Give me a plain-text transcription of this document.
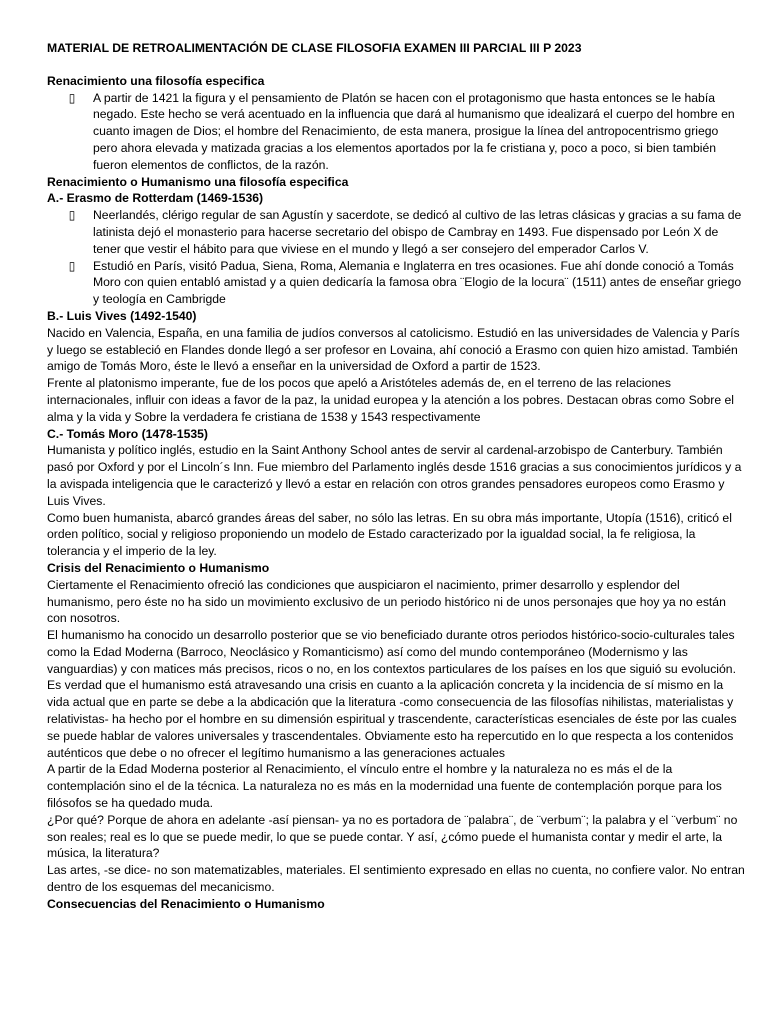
MATERIAL DE RETROALIMENTACIÓN DE CLASE FILOSOFIA EXAMEN III PARCIAL III P 2023

Renacimiento una filosofía especifica

▯ A partir de 1421 la figura y el pensamiento de Platón se hacen con el protagonismo que hasta entonces se le había negado. Este hecho se verá acentuado en la influencia que dará al humanismo que idealizará el cuerpo del hombre en cuanto imagen de Dios; el hombre del Renacimiento, de esta manera, prosigue la línea del antropocentrismo griego pero ahora elevada y matizada gracias a los elementos aportados por la fe cristiana y, poco a poco, si bien también fueron elementos de conflictos, de la razón.

Renacimiento o Humanismo una filosofía especifica

A.- Erasmo de Rotterdam (1469-1536)

▯ Neerlandés, clérigo regular de san Agustín y sacerdote, se dedicó al cultivo de las letras clásicas y gracias a su fama de latinista dejó el monasterio para hacerse secretario del obispo de Cambray en 1493. Fue dispensado por León X de tener que vestir el hábito para que viviese en el mundo y llegó a ser consejero del emperador Carlos V.
▯ Estudió en París, visitó Padua, Siena, Roma, Alemania e Inglaterra en tres ocasiones. Fue ahí donde conoció a Tomás Moro con quien entabló amistad y a quien dedicaría la famosa obra ¨Elogio de la locura¨ (1511) antes de enseñar griego y teología en Cambrigde

B.- Luis Vives (1492-1540)

Nacido en Valencia, España, en una familia de judíos conversos al catolicismo. Estudió en las universidades de Valencia y París y luego se estableció en Flandes donde llegó a ser profesor en Lovaina, ahí conoció a Erasmo con quien hizo amistad. También amigo de Tomás Moro, éste le llevó a enseñar en la universidad de Oxford a partir de 1523.

Frente al platonismo imperante, fue de los pocos que apeló a Aristóteles además de, en el terreno de las relaciones internacionales, influir con ideas a favor de la paz, la unidad europea y la atención a los pobres. Destacan obras como Sobre el alma y la vida y Sobre la verdadera fe cristiana de 1538 y 1543 respectivamente

C.- Tomás Moro (1478-1535)

Humanista y político inglés, estudio en la Saint Anthony School antes de servir al cardenal-arzobispo de Canterbury. También pasó por Oxford y por el Lincoln´s Inn. Fue miembro del Parlamento inglés desde 1516 gracias a sus conocimientos jurídicos y a la avispada inteligencia que le caracterizó y llevó a estar en relación con otros grandes pensadores europeos como Erasmo y Luis Vives.

Como buen humanista, abarcó grandes áreas del saber, no sólo las letras. En su obra más importante, Utopía (1516), criticó el orden político, social y religioso proponiendo un modelo de Estado caracterizado por la igualdad social, la fe religiosa, la tolerancia y el imperio de la ley.

Crisis del Renacimiento o Humanismo

Ciertamente el Renacimiento ofreció las condiciones que auspiciaron el nacimiento, primer desarrollo y esplendor del humanismo, pero éste no ha sido un movimiento exclusivo de un periodo histórico ni de unos personajes que hoy ya no están con nosotros.

El humanismo ha conocido un desarrollo posterior que se vio beneficiado durante otros periodos histórico-socio-culturales tales como la Edad Moderna (Barroco, Neoclásico y Romanticismo) así como del mundo contemporáneo (Modernismo y las vanguardias) y con matices más precisos, ricos o no, en los contextos particulares de los países en los que siguió su evolución.

Es verdad que el humanismo está atravesando una crisis en cuanto a la aplicación concreta y la incidencia de sí mismo en la vida actual que en parte se debe a la abdicación que la literatura -como consecuencia de las filosofías nihilistas, materialistas y relativistas- ha hecho por el hombre en su dimensión espiritual y trascendente, características esenciales de éste por las cuales se puede hablar de valores universales y trascendentales. Obviamente esto ha repercutido en lo que respecta a los contenidos auténticos que debe o no ofrecer el legítimo humanismo a las generaciones actuales

A partir de la Edad Moderna posterior al Renacimiento, el vínculo entre el hombre y la naturaleza no es más el de la contemplación sino el de la técnica. La naturaleza no es más en la modernidad una fuente de contemplación porque para los filósofos se ha quedado muda.

¿Por qué? Porque de ahora en adelante -así piensan- ya no es portadora de ¨palabra¨, de ¨verbum¨; la palabra y el ¨verbum¨ no son reales; real es lo que se puede medir, lo que se puede contar. Y así, ¿cómo puede el humanista contar y medir el arte, la música, la literatura?

Las artes, -se dice- no son matematizables, materiales. El sentimiento expresado en ellas no cuenta, no confiere valor. No entran dentro de los esquemas del mecanicismo.

Consecuencias del Renacimiento o Humanismo
